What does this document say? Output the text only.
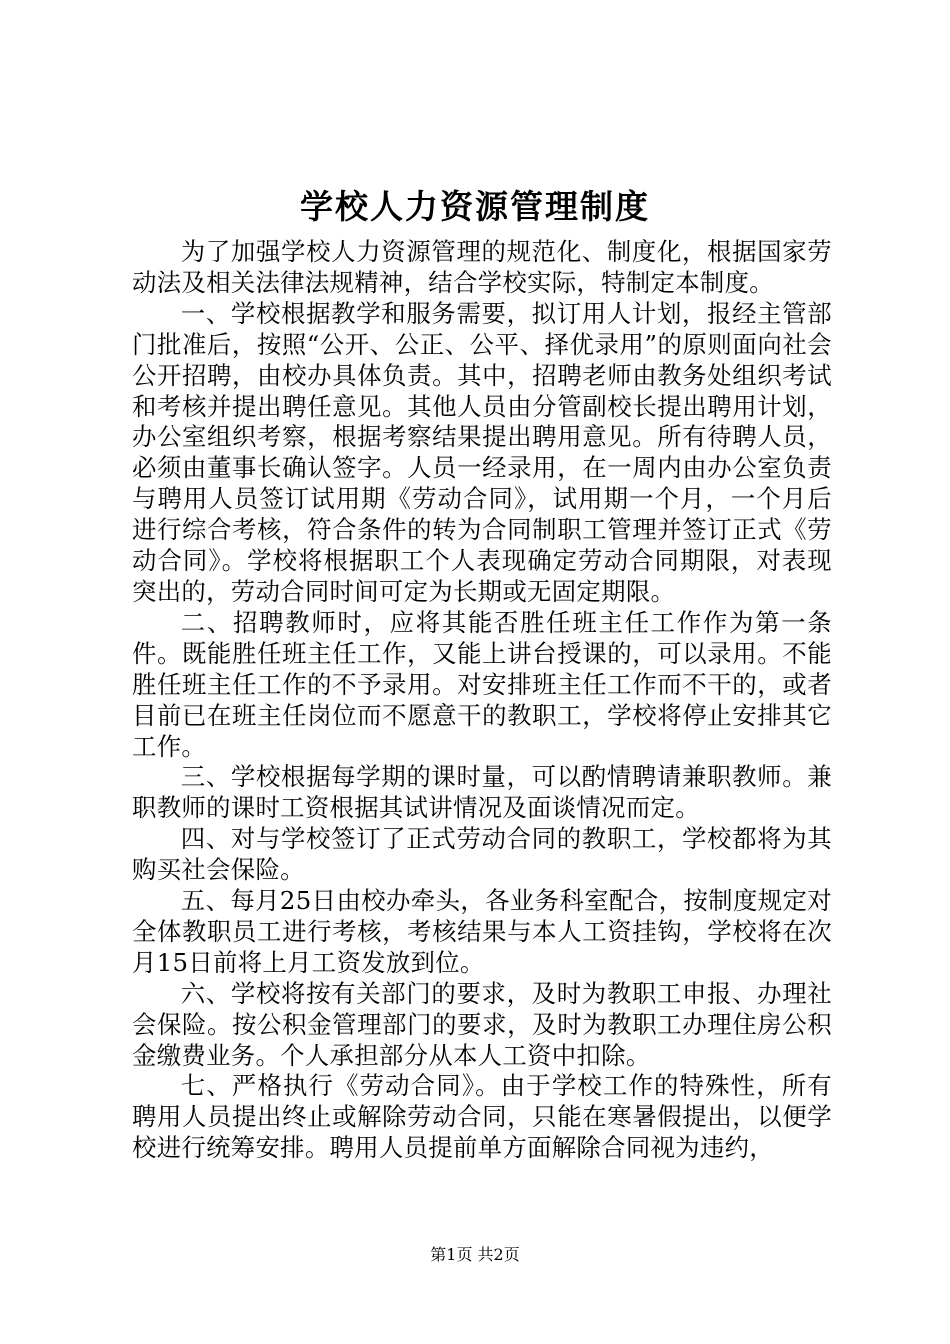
学校人力资源管理制度

为了加强学校人力资源管理的规范化、制度化，根据国家劳动法及相关法律法规精神，结合学校实际，特制定本制度。

一、学校根据教学和服务需要，拟订用人计划，报经主管部门批准后，按照“公开、公正、公平、择优录用”的原则面向社会公开招聘，由校办具体负责。其中，招聘老师由教务处组织考试和考核并提出聘任意见。其他人员由分管副校长提出聘用计划，办公室组织考察，根据考察结果提出聘用意见。所有待聘人员，必须由董事长确认签字。人员一经录用，在一周内由办公室负责与聘用人员签订试用期《劳动合同》，试用期一个月，一个月后进行综合考核，符合条件的转为合同制职工管理并签订正式《劳动合同》。学校将根据职工个人表现确定劳动合同期限，对表现突出的，劳动合同时间可定为长期或无固定期限。

二、招聘教师时，应将其能否胜任班主任工作作为第一条件。既能胜任班主任工作，又能上讲台授课的，可以录用。不能胜任班主任工作的不予录用。对安排班主任工作而不干的，或者目前已在班主任岗位而不愿意干的教职工，学校将停止安排其它工作。

三、学校根据每学期的课时量，可以酌情聘请兼职教师。兼职教师的课时工资根据其试讲情况及面谈情况而定。

四、对与学校签订了正式劳动合同的教职工，学校都将为其购买社会保险。

五、每月25日由校办牵头，各业务科室配合，按制度规定对全体教职员工进行考核，考核结果与本人工资挂钩，学校将在次月15日前将上月工资发放到位。

六、学校将按有关部门的要求，及时为教职工申报、办理社会保险。按公积金管理部门的要求，及时为教职工办理住房公积金缴费业务。个人承担部分从本人工资中扣除。

七、严格执行《劳动合同》。由于学校工作的特殊性，所有聘用人员提出终止或解除劳动合同，只能在寒暑假提出，以便学校进行统筹安排。聘用人员提前单方面解除合同视为违约，

第1页 共2页
